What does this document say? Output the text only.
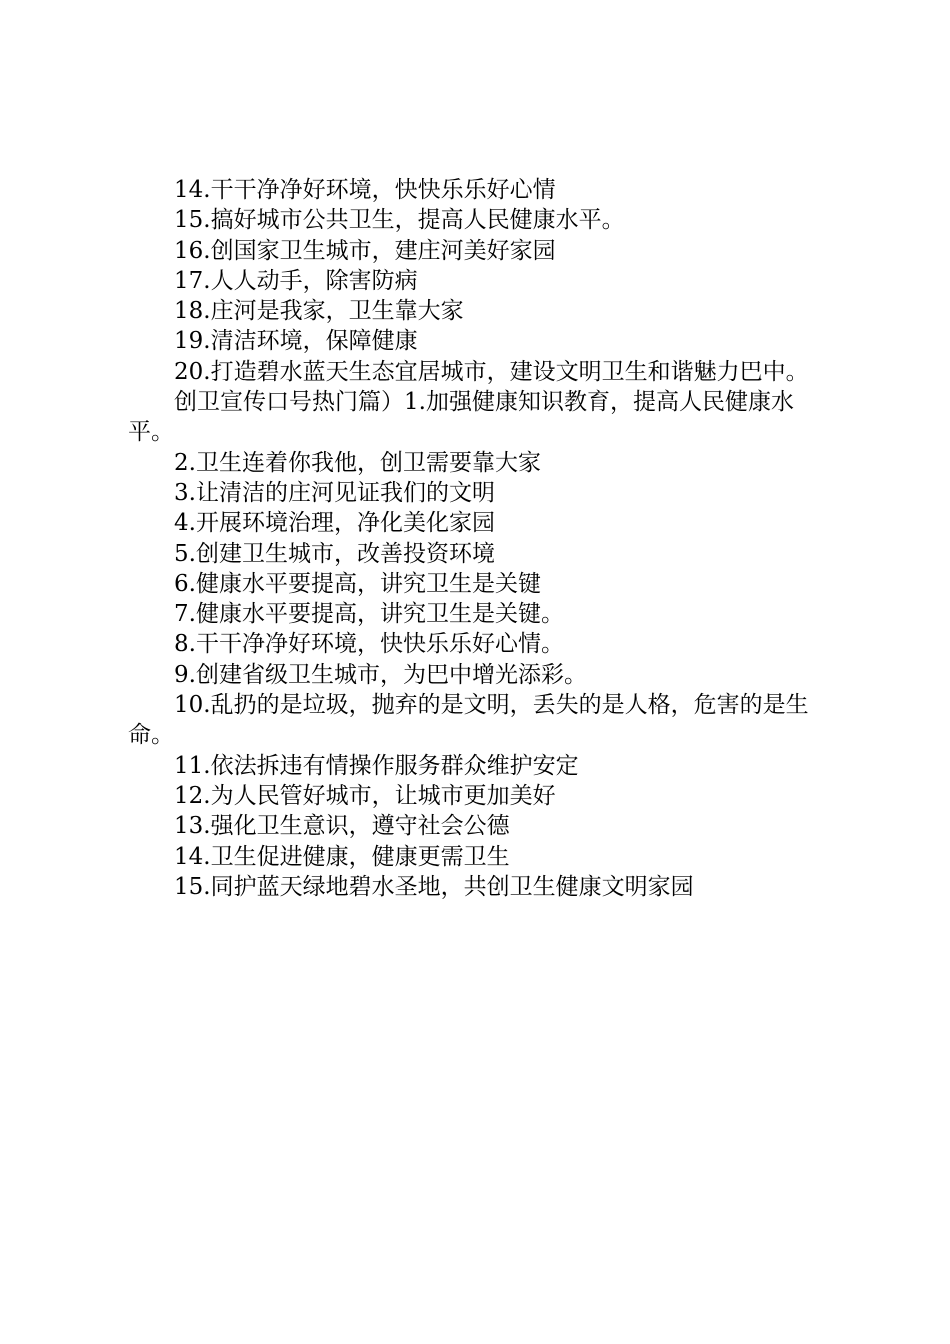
14.干干净净好环境，快快乐乐好心情

15.搞好城市公共卫生，提高人民健康水平。

16.创国家卫生城市，建庄河美好家园

17.人人动手，除害防病

18.庄河是我家，卫生靠大家

19.清洁环境，保障健康

20.打造碧水蓝天生态宜居城市，建设文明卫生和谐魅力巴中。

创卫宣传口号热门篇）1.加强健康知识教育，提高人民健康水平。

2.卫生连着你我他，创卫需要靠大家

3.让清洁的庄河见证我们的文明

4.开展环境治理，净化美化家园

5.创建卫生城市，改善投资环境

6.健康水平要提高，讲究卫生是关键

7.健康水平要提高，讲究卫生是关键。

8.干干净净好环境，快快乐乐好心情。

9.创建省级卫生城市，为巴中增光添彩。

10.乱扔的是垃圾，抛弃的是文明，丢失的是人格，危害的是生命。

11.依法拆违有情操作服务群众维护安定

12.为人民管好城市，让城市更加美好

13.强化卫生意识，遵守社会公德

14.卫生促进健康，健康更需卫生

15.同护蓝天绿地碧水圣地，共创卫生健康文明家园
